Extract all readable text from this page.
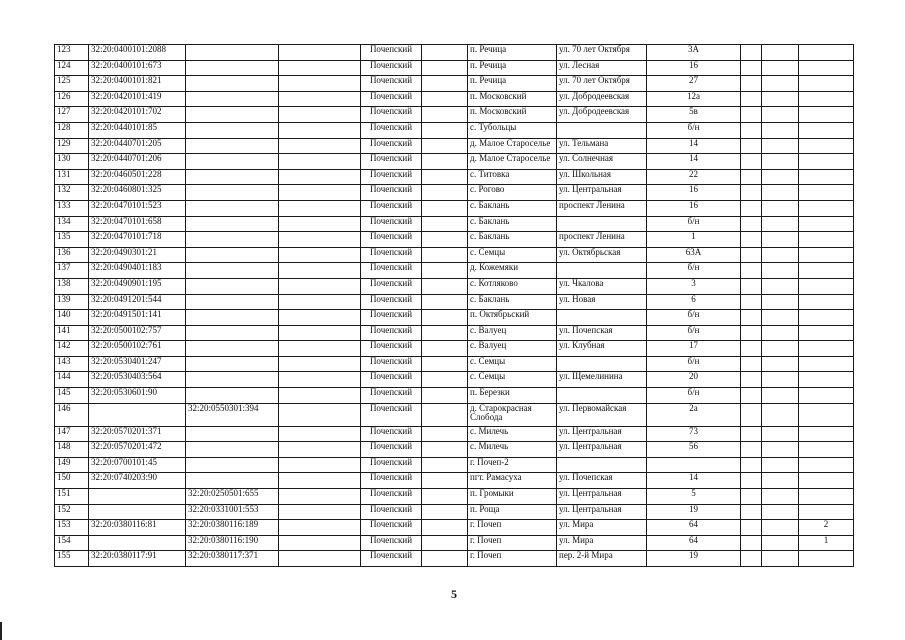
123	32:20:0400101:2088			Почепский		п. Речица	ул. 70 лет Октября	3А			
124	32:20:0400101:673			Почепский		п. Речица	ул. Лесная	16			
125	32:20:0400101:821			Почепский		п. Речица	ул. 70 лет Октября	27			
126	32:20:0420101:419			Почепский		п. Московский	ул. Добродеевская	12а			
127	32:20:0420101:702			Почепский		п. Московский	ул. Добродеевская	5в			
128	32:20:0440101:85			Почепский		с. Тубольцы		б/н			
129	32:20:0440701:205			Почепский		д. Малое Староселье	ул. Тельмана	14			
130	32:20:0440701:206			Почепский		д. Малое Староселье	ул. Солнечная	14			
131	32:20:0460501:228			Почепский		с. Титовка	ул. Школьная	22			
132	32:20:0460801:325			Почепский		с. Рогово	ул. Центральная	16			
133	32:20:0470101:523			Почепский		с. Баклань	проспект Ленина	16			
134	32:20:0470101:658			Почепский		с. Баклань		б/н			
135	32:20:0470101:718			Почепский		с. Баклань	проспект Ленина	1			
136	32:20:0490301:21			Почепский		с. Семцы	ул. Октябрьская	63А			
137	32:20:0490401:183			Почепский		д. Кожемяки		б/н			
138	32:20:0490901:195			Почепский		с. Котляково	ул. Чкалова	3			
139	32:20:0491201:544			Почепский		с. Баклань	ул. Новая	6			
140	32:20:0491501:141			Почепский		п. Октябрьский		б/н			
141	32:20:0500102:757			Почепский		с. Валуец	ул. Почепская	б/н			
142	32:20:0500102:761			Почепский		с. Валуец	ул. Клубная	17			
143	32:20:0530401:247			Почепский		с. Семцы		б/н			
144	32:20:0530403:564			Почепский		с. Семцы	ул. Щемелинина	20			
145	32:20:0530601:90			Почепский		п. Березки		б/н			
146		32:20:0550301:394		Почепский		д. Старокрасная Слобода	ул. Первомайская	2а			
147	32:20:0570201:371			Почепский		с. Милечь	ул. Центральная	73			
148	32:20:0570201:472			Почепский		с. Милечь	ул. Центральная	56			
149	32:20:0700101:45			Почепский		г. Почеп-2					
150	32:20:0740203:90			Почепский		пгт. Рамасуха	ул. Почепская	14			
151		32:20:0250501:655		Почепский		п. Громыки	ул. Центральная	5			
152		32:20:0331001:553		Почепский		п. Роща	ул. Центральная	19			
153	32:20:0380116:81	32:20:0380116:189		Почепский		г. Почеп	ул. Мира	64			2
154		32:20:0380116:190		Почепский		г. Почеп	ул. Мира	64			1
155	32:20:0380117:91	32:20:0380117:371		Почепский		г. Почеп	пер. 2-й Мира	19			
5
